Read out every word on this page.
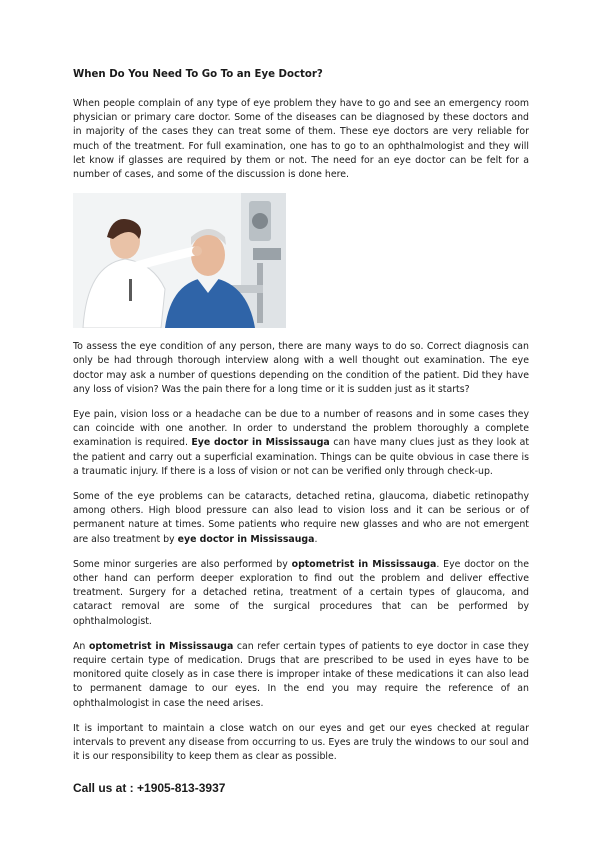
When Do You Need To Go To an Eye Doctor?

When people complain of any type of eye problem they have to go and see an emergency room physician or primary care doctor. Some of the diseases can be diagnosed by these doctors and in majority of the cases they can treat some of them. These eye doctors are very reliable for much of the treatment. For full examination, one has to go to an ophthalmologist and they will let know if glasses are required by them or not. The need for an eye doctor can be felt for a number of cases, and some of the discussion is done here.

To assess the eye condition of any person, there are many ways to do so. Correct diagnosis can only be had through thorough interview along with a well thought out examination. The eye doctor may ask a number of questions depending on the condition of the patient. Did they have any loss of vision? Was the pain there for a long time or it is sudden just as it starts?

Eye pain, vision loss or a headache can be due to a number of reasons and in some cases they can coincide with one another. In order to understand the problem thoroughly a complete examination is required. Eye doctor in Mississauga can have many clues just as they look at the patient and carry out a superficial examination. Things can be quite obvious in case there is a traumatic injury. If there is a loss of vision or not can be verified only through check-up.

Some of the eye problems can be cataracts, detached retina, glaucoma, diabetic retinopathy among others. High blood pressure can also lead to vision loss and it can be serious or of permanent nature at times. Some patients who require new glasses and who are not emergent are also treatment by eye doctor in Mississauga.

Some minor surgeries are also performed by optometrist in Mississauga. Eye doctor on the other hand can perform deeper exploration to find out the problem and deliver effective treatment. Surgery for a detached retina, treatment of a certain types of glaucoma, and cataract removal are some of the surgical procedures that can be performed by ophthalmologist.

An optometrist in Mississauga can refer certain types of patients to eye doctor in case they require certain type of medication. Drugs that are prescribed to be used in eyes have to be monitored quite closely as in case there is improper intake of these medications it can also lead to permanent damage to our eyes. In the end you may require the reference of an ophthalmologist in case the need arises.

It is important to maintain a close watch on our eyes and get our eyes checked at regular intervals to prevent any disease from occurring to us. Eyes are truly the windows to our soul and it is our responsibility to keep them as clear as possible.

Call us at : +1905-813-3937
